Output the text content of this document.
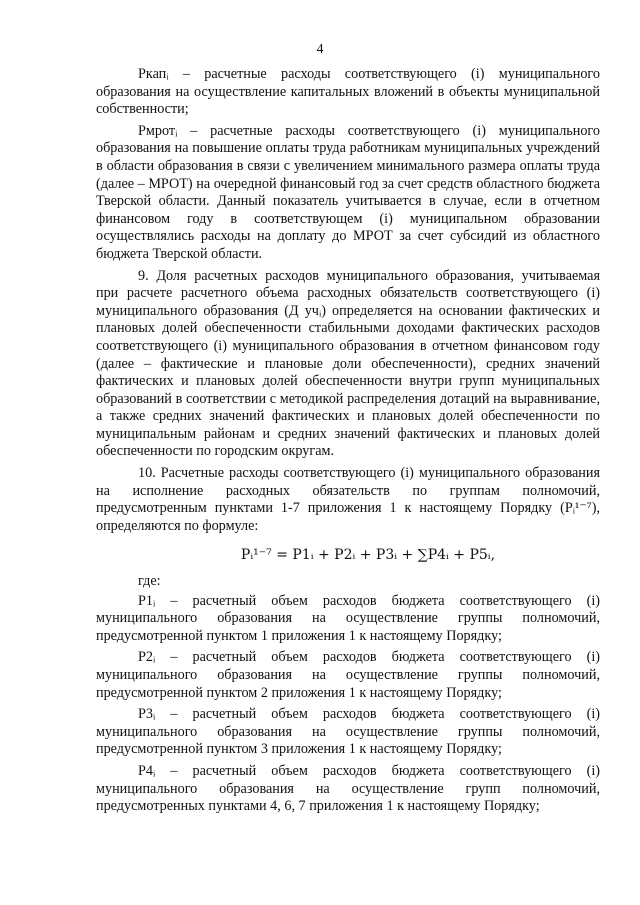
4

Ркапᵢ – расчетные расходы соответствующего (i) муниципального образования на осуществление капитальных вложений в объекты муниципальной собственности;

Рмротᵢ – расчетные расходы соответствующего (i) муниципального образования на повышение оплаты труда работникам муниципальных учреждений в области образования в связи с увеличением минимального размера оплаты труда (далее – МРОТ) на очередной финансовый год за счет средств областного бюджета Тверской области. Данный показатель учитывается в случае, если в отчетном финансовом году в соответствующем (i) муниципальном образовании осуществлялись расходы на доплату до МРОТ за счет субсидий из областного бюджета Тверской области.

9. Доля расчетных расходов муниципального образования, учитываемая при расчете расчетного объема расходных обязательств соответствующего (i) муниципального образования (Д учᵢ) определяется на основании фактических и плановых долей обеспеченности стабильными доходами фактических расходов соответствующего (i) муниципального образования в отчетном финансовом году (далее – фактические и плановые доли обеспеченности), средних значений фактических и плановых долей обеспеченности внутри групп муниципальных образований в соответствии с методикой распределения дотаций на выравнивание, а также средних значений фактических и плановых долей обеспеченности по муниципальным районам и средних значений фактических и плановых долей обеспеченности по городским округам.

10. Расчетные расходы соответствующего (i) муниципального образования на исполнение расходных обязательств по группам полномочий, предусмотренным пунктами 1-7 приложения 1 к настоящему Порядку (Pᵢ¹⁻⁷), определяются по формуле:

Pᵢ¹⁻⁷ = P1ᵢ + P2ᵢ + P3ᵢ + ∑P4ᵢ + P5ᵢ,

где:

P1ᵢ – расчетный объем расходов бюджета соответствующего (i) муниципального образования на осуществление группы полномочий, предусмотренной пунктом 1 приложения 1 к настоящему Порядку;

P2ᵢ – расчетный объем расходов бюджета соответствующего (i) муниципального образования на осуществление группы полномочий, предусмотренной пунктом 2 приложения 1 к настоящему Порядку;

P3ᵢ – расчетный объем расходов бюджета соответствующего (i) муниципального образования на осуществление группы полномочий, предусмотренной пунктом 3 приложения 1 к настоящему Порядку;

P4ᵢ – расчетный объем расходов бюджета соответствующего (i) муниципального образования на осуществление групп полномочий, предусмотренных пунктами 4, 6, 7 приложения 1 к настоящему Порядку;
